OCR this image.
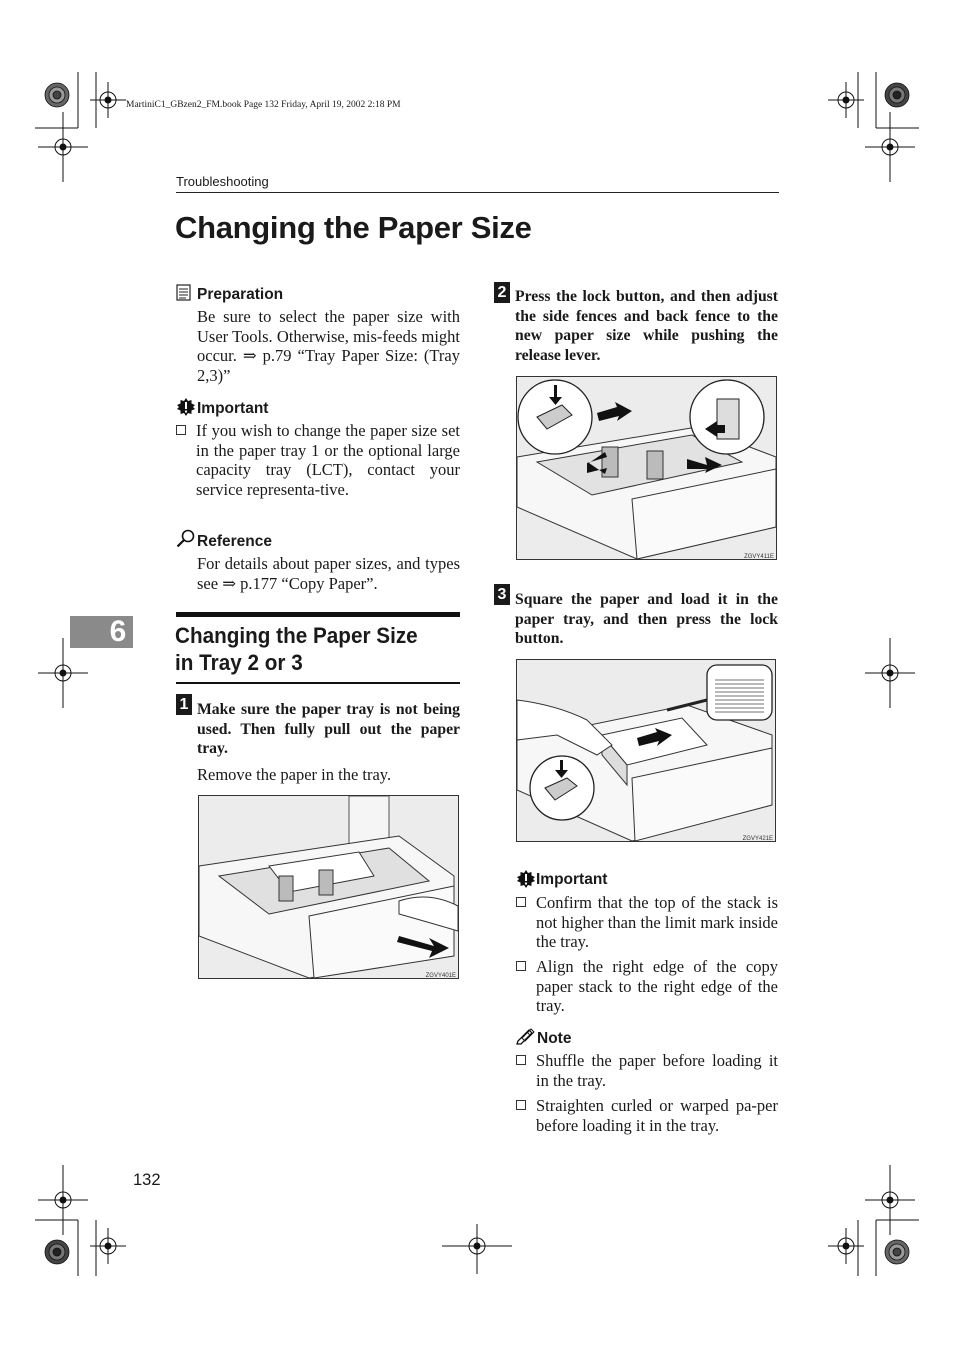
MartiniC1_GBzen2_FM.book Page 132 Friday, April 19, 2002 2:18 PM
Troubleshooting
Changing the Paper Size
6
Preparation
Be sure to select the paper size with User Tools. Otherwise, mis-feeds might occur. ⇒ p.79 “Tray Paper Size: (Tray 2,3)”
Important
If you wish to change the paper size set in the paper tray 1 or the optional large capacity tray (LCT), contact your service representa-tive.
Reference
For details about paper sizes, and types see ⇒ p.177 “Copy Paper”.
Changing the Paper Size in Tray 2 or 3
1 Make sure the paper tray is not being used. Then fully pull out the paper tray.
Remove the paper in the tray.
ZGVY401E
2 Press the lock button, and then adjust the side fences and back fence to the new paper size while pushing the release lever.
ZGVY411E
3 Square the paper and load it in the paper tray, and then press the lock button.
ZGVY421E
Important
Confirm that the top of the stack is not higher than the limit mark inside the tray.
Align the right edge of the copy paper stack to the right edge of the tray.
Note
Shuffle the paper before loading it in the tray.
Straighten curled or warped pa-per before loading it in the tray.
132
